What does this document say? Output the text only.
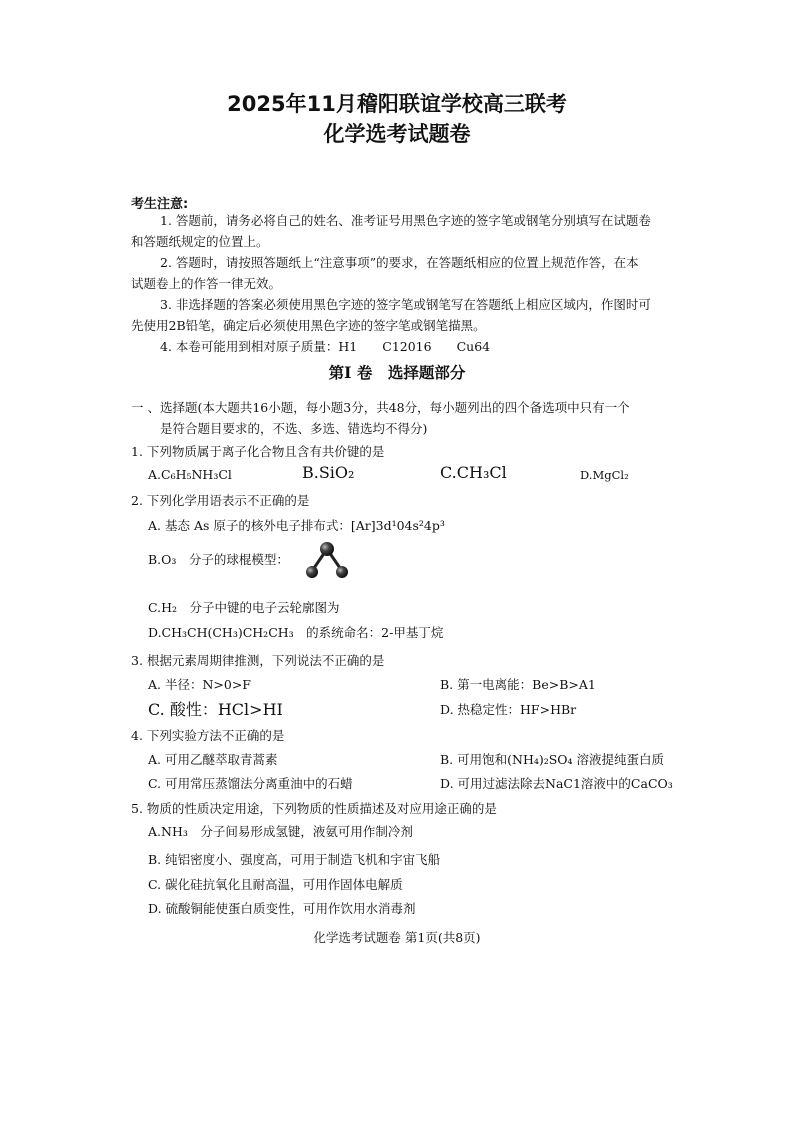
2025年11月稽阳联谊学校高三联考
化学选考试题卷
考生注意:
1. 答题前，请务必将自己的姓名、准考证号用黑色字迹的签字笔或钢笔分别填写在试题卷
和答题纸规定的位置上。
2. 答题时，请按照答题纸上“注意事项”的要求，在答题纸相应的位置上规范作答，在本
试题卷上的作答一律无效。
3. 非选择题的答案必须使用黑色字迹的签字笔或钢笔写在答题纸上相应区域内，作图时可
先使用2B铅笔，确定后必须使用黑色字迹的签字笔或钢笔描黑。
4. 本卷可能用到相对原子质量：H1　　C12016　　Cu64
第I 卷　选择题部分
一 、选择题(本大题共16小题，每小题3分，共48分，每小题列出的四个备选项中只有一个
是符合题目要求的，不选、多选、错选均不得分)
1. 下列物质属于离子化合物且含有共价键的是
A.C₆H₅NH₃Cl	B.SiO₂	C.CH₃Cl	D.MgCl₂
2. 下列化学用语表示不正确的是
A. 基态 As 原子的核外电子排布式：[Ar]3d¹04s²4p³
B.O₃　分子的球棍模型：
C.H₂　分子中键的电子云轮廓图为
D.CH₃CH(CH₃)CH₂CH₃　的系统命名：2-甲基丁烷
3. 根据元素周期律推测，下列说法不正确的是
A. 半径：N>0>F	B. 第一电离能：Be>B>A1
C. 酸性：HCl>HI	D. 热稳定性：HF>HBr
4. 下列实验方法不正确的是
A. 可用乙醚萃取青蒿素	B. 可用饱和(NH₄)₂SO₄ 溶液提纯蛋白质
C. 可用常压蒸馏法分离重油中的石蜡	D. 可用过滤法除去NaC1溶液中的CaCO₃
5. 物质的性质决定用途，下列物质的性质描述及对应用途正确的是
A.NH₃　分子间易形成氢键，液氨可用作制冷剂
B. 纯铝密度小、强度高，可用于制造飞机和宇宙飞船
C. 碳化硅抗氧化且耐高温，可用作固体电解质
D. 硫酸铜能使蛋白质变性，可用作饮用水消毒剂
化学选考试题卷 第1页(共8页)
